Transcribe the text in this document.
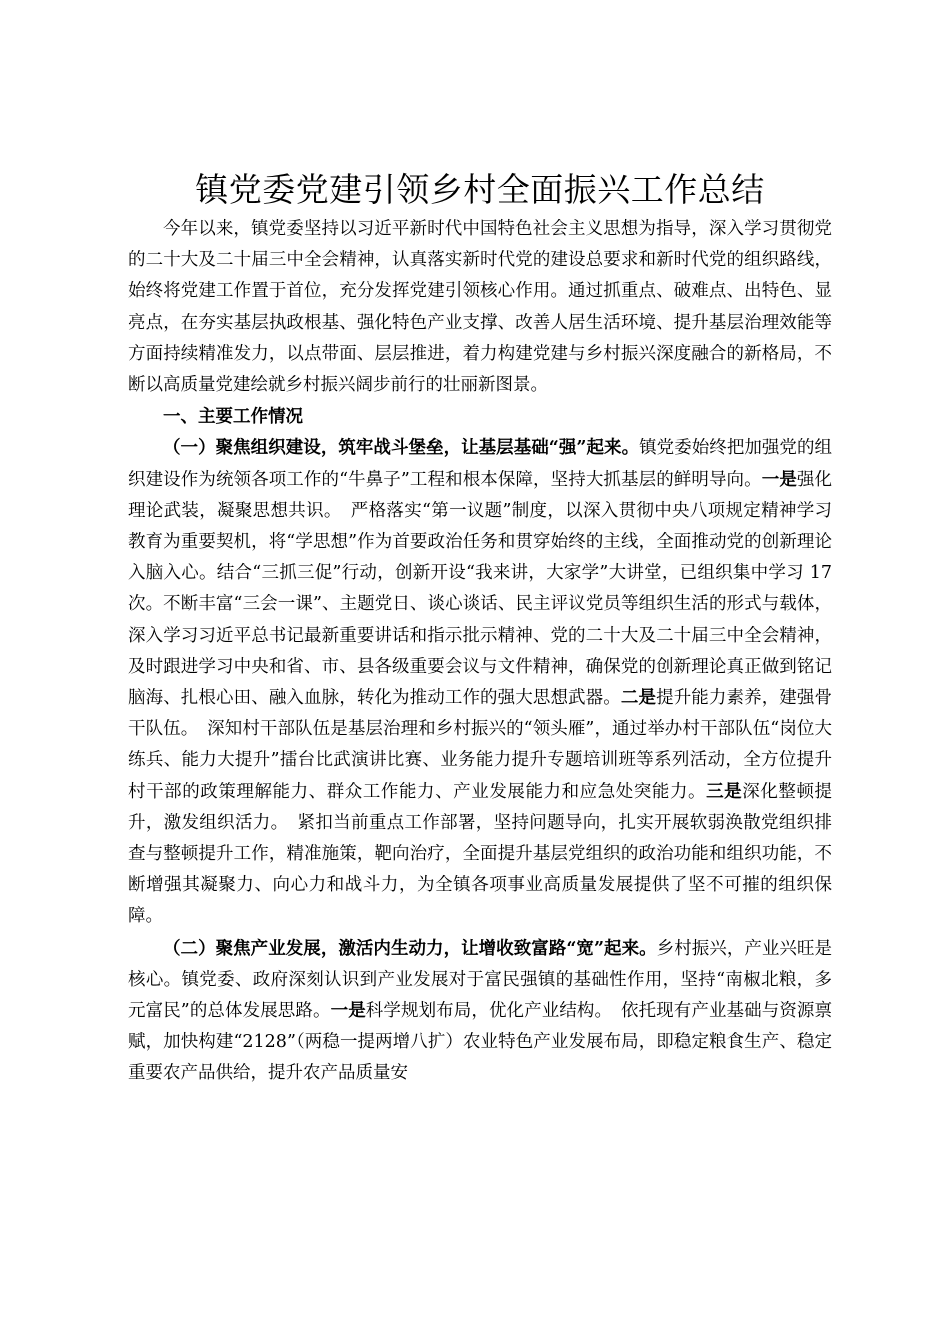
镇党委党建引领乡村全面振兴工作总结

今年以来，镇党委坚持以习近平新时代中国特色社会主义思想为指导，深入学习贯彻党的二十大及二十届三中全会精神，认真落实新时代党的建设总要求和新时代党的组织路线，始终将党建工作置于首位，充分发挥党建引领核心作用。通过抓重点、破难点、出特色、显亮点，在夯实基层执政根基、强化特色产业支撑、改善人居生活环境、提升基层治理效能等方面持续精准发力，以点带面、层层推进，着力构建党建与乡村振兴深度融合的新格局，不断以高质量党建绘就乡村振兴阔步前行的壮丽新图景。

一、主要工作情况

（一）聚焦组织建设，筑牢战斗堡垒，让基层基础“强”起来。镇党委始终把加强党的组织建设作为统领各项工作的“牛鼻子”工程和根本保障，坚持大抓基层的鲜明导向。一是强化理论武装，凝聚思想共识。　严格落实“第一议题”制度，以深入贯彻中央八项规定精神学习教育为重要契机，将“学思想”作为首要政治任务和贯穿始终的主线，全面推动党的创新理论入脑入心。结合“三抓三促”行动，创新开设“我来讲，大家学”大讲堂，已组织集中学习 17 次。不断丰富“三会一课”、主题党日、谈心谈话、民主评议党员等组织生活的形式与载体，深入学习习近平总书记最新重要讲话和指示批示精神、党的二十大及二十届三中全会精神，及时跟进学习中央和省、市、县各级重要会议与文件精神，确保党的创新理论真正做到铭记脑海、扎根心田、融入血脉，转化为推动工作的强大思想武器。二是提升能力素养，建强骨干队伍。　深知村干部队伍是基层治理和乡村振兴的“领头雁”，通过举办村干部队伍“岗位大练兵、能力大提升”擂台比武演讲比赛、业务能力提升专题培训班等系列活动，全方位提升村干部的政策理解能力、群众工作能力、产业发展能力和应急处突能力。三是深化整顿提升，激发组织活力。　紧扣当前重点工作部署，坚持问题导向，扎实开展软弱涣散党组织排查与整顿提升工作，精准施策，靶向治疗，全面提升基层党组织的政治功能和组织功能，不断增强其凝聚力、向心力和战斗力，为全镇各项事业高质量发展提供了坚不可摧的组织保障。

（二）聚焦产业发展，激活内生动力，让增收致富路“宽”起来。乡村振兴，产业兴旺是核心。镇党委、政府深刻认识到产业发展对于富民强镇的基础性作用，坚持“南椒北粮，多元富民”的总体发展思路。一是科学规划布局，优化产业结构。　依托现有产业基础与资源禀赋，加快构建“2128”（两稳一提两增八扩）农业特色产业发展布局，即稳定粮食生产、稳定重要农产品供给，提升农产品质量安
